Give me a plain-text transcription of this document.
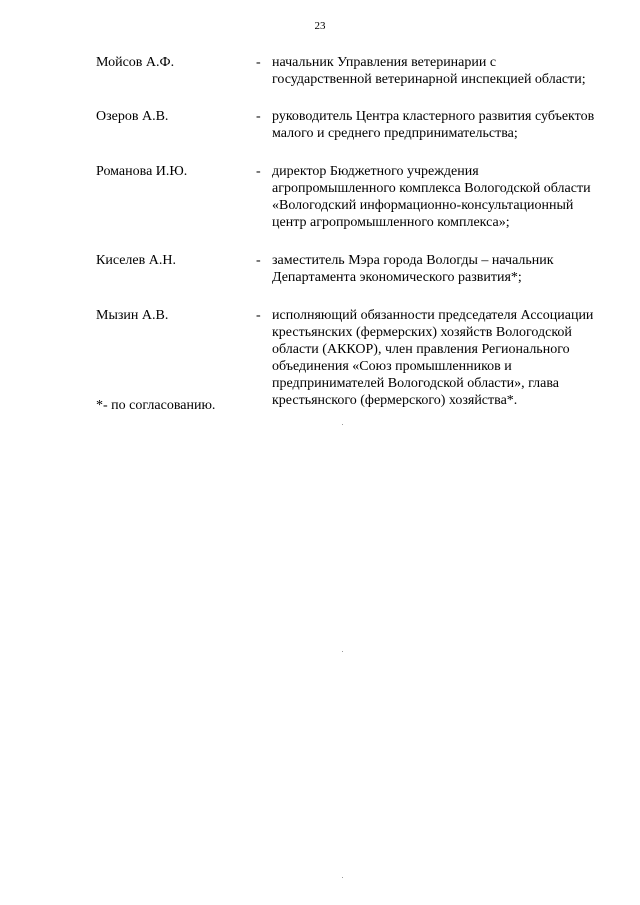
23
Мойсов А.Ф.	- начальник Управления ветеринарии с
государственной ветеринарной инспекцией области;
Озеров А.В.	- руководитель Центра кластерного развития субъектов
малого и среднего предпринимательства;
Романова И.Ю.	- директор Бюджетного учреждения
агропромышленного комплекса Вологодской области
«Вологодский информационно-консультационный
центр агропромышленного комплекса»;
Киселев А.Н.	- заместитель Мэра города Вологды – начальник
Департамента экономического развития*;
Мызин А.В.	- исполняющий обязанности председателя Ассоциации
крестьянских (фермерских) хозяйств Вологодской
области (АККОР), член правления Регионального
объединения «Союз промышленников и
предпринимателей Вологодской области», глава
крестьянского (фермерского) хозяйства*.
*- по согласованию.
